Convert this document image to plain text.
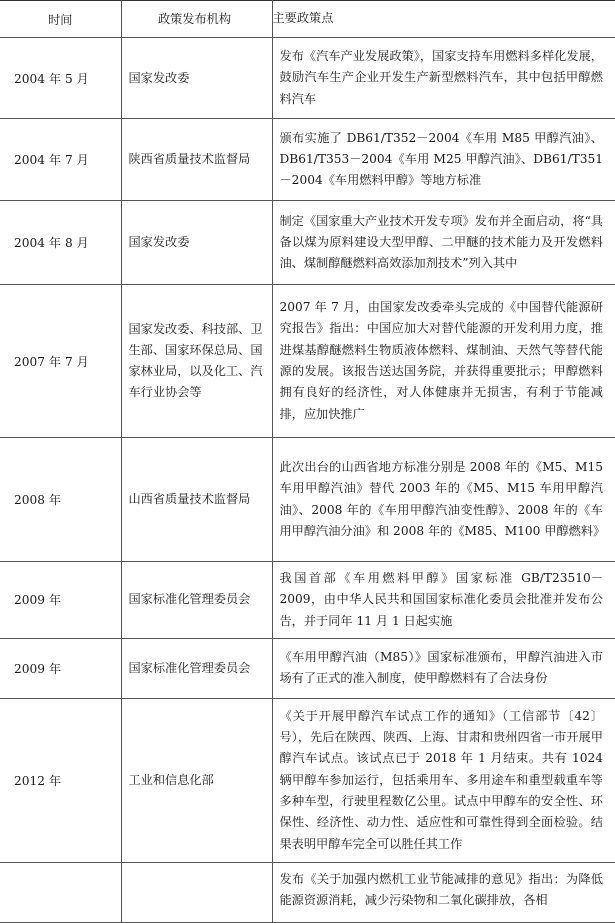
时间	政策发布机构	主要政策点
2004 年 5 月	国家发改委	发布《汽车产业发展政策》，国家支持车用燃料多样化发展，鼓励汽车生产企业开发生产新型燃料汽车，其中包括甲醇燃料汽车
2004 年 7 月	陕西省质量技术监督局	颁布实施了 DB61/T352－2004《车用 M85 甲醇汽油》、DB61/T353－2004《车用 M25 甲醇汽油》、DB61/T351－2004《车用燃料甲醇》等地方标准
2004 年 8 月	国家发改委	制定《国家重大产业技术开发专项》发布并全面启动，将“具备以煤为原料建设大型甲醇、二甲醚的技术能力及开发燃料油、煤制醇醚燃料高效添加剂技术”列入其中
2007 年 7 月	国家发改委、科技部、卫生部、国家环保总局、国家林业局，以及化工、汽车行业协会等	2007 年 7 月，由国家发改委牵头完成的《中国替代能源研究报告》指出：中国应加大对替代能源的开发利用力度，推进煤基醇醚燃料生物质液体燃料、煤制油、天然气等替代能源的发展。该报告送达国务院，并获得重要批示；甲醇燃料拥有良好的经济性，对人体健康并无损害，有利于节能减排，应加快推广
2008 年	山西省质量技术监督局	此次出台的山西省地方标准分别是 2008 年的《M5、M15 车用甲醇汽油》替代 2003 年的《M5、M15 车用甲醇汽油》、2008 年的《车用甲醇汽油变性醇》、2008 年的《车用甲醇汽油分油》和 2008 年的《M85、M100 甲醇燃料》
2009 年	国家标准化管理委员会	我国首部《车用燃料甲醇》国家标准 GB/T23510－2009，由中华人民共和国国家标准化委员会批准并发布公告，并于同年 11 月 1 日起实施
2009 年	国家标准化管理委员会	《车用甲醇汽油（M85）》国家标准颁布，甲醇汽油进入市场有了正式的准入制度，使甲醇燃料有了合法身份
2012 年	工业和信息化部	《关于开展甲醇汽车试点工作的通知》（工信部节〔42〕号），先后在陕西、陕西、上海、甘肃和贵州四省一市开展甲醇汽车试点。该试点已于 2018 年 1 月结束。共有 1024 辆甲醇车参加运行，包括乘用车、多用途车和重型载重车等多种车型，行驶里程数亿公里。试点中甲醇车的安全性、环保性、经济性、动力性、适应性和可靠性得到全面检验。结果表明甲醇车完全可以胜任其工作
		发布《关于加强内燃机工业节能减排的意见》指出：为降低能源资源消耗，减少污染物和二氧化碳排放，各相
